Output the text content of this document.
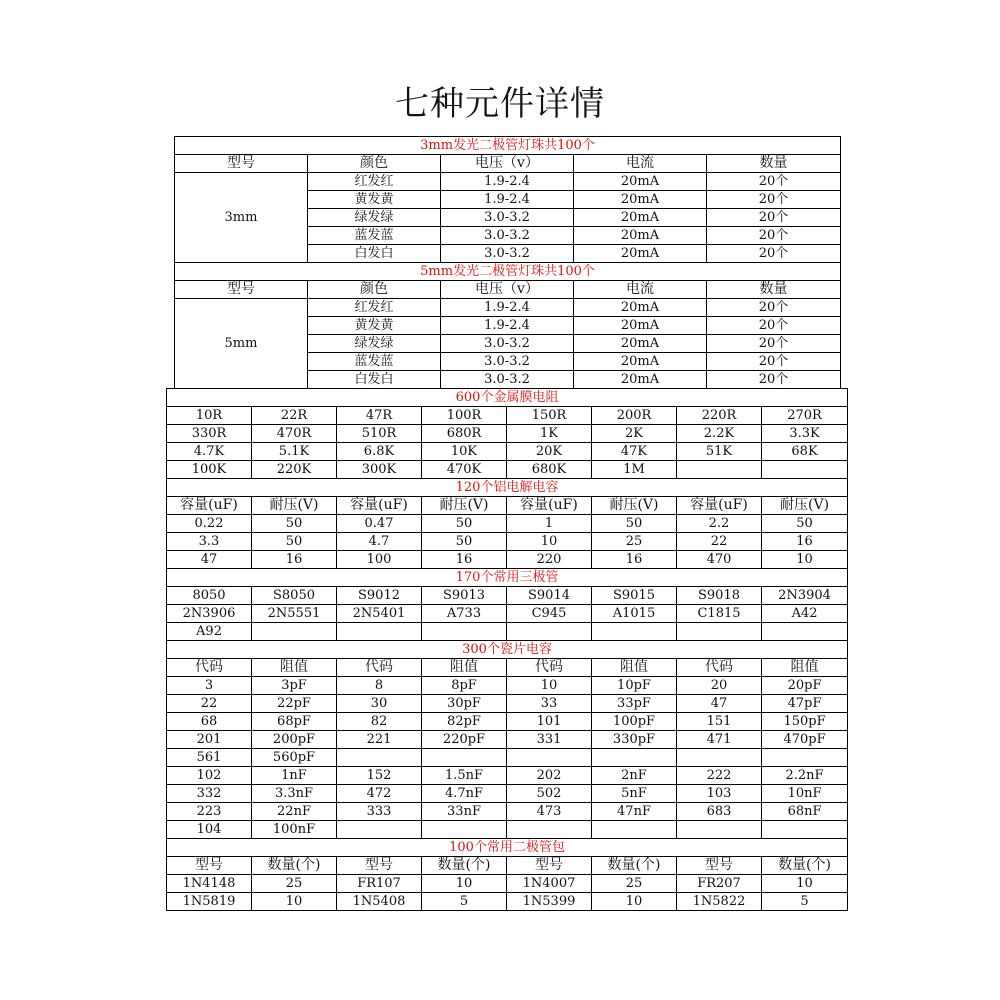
七种元件详情
3mm发光二极管灯珠共100个				
型号	颜色	电压（v）	电流	数量
3mm	红发红	1.9-2.4	20mA	20个
	黄发黄	1.9-2.4	20mA	20个
	绿发绿	3.0-3.2	20mA	20个
	蓝发蓝	3.0-3.2	20mA	20个
	白发白	3.0-3.2	20mA	20个
5mm发光二极管灯珠共100个				
型号	颜色	电压（v）	电流	数量
5mm	红发红	1.9-2.4	20mA	20个
	黄发黄	1.9-2.4	20mA	20个
	绿发绿	3.0-3.2	20mA	20个
	蓝发蓝	3.0-3.2	20mA	20个
	白发白	3.0-3.2	20mA	20个
600个金属膜电阻							
10R	22R	47R	100R	150R	200R	220R	270R
330R	470R	510R	680R	1K	2K	2.2K	3.3K
4.7K	5.1K	6.8K	10K	20K	47K	51K	68K
100K	220K	300K	470K	680K	1M		
120个铝电解电容							
容量(uF)	耐压(V)	容量(uF)	耐压(V)	容量(uF)	耐压(V)	容量(uF)	耐压(V)
0.22	50	0.47	50	1	50	2.2	50
3.3	50	4.7	50	10	25	22	16
47	16	100	16	220	16	470	10
170个常用三极管							
8050	S8050	S9012	S9013	S9014	S9015	S9018	2N3904
2N3906	2N5551	2N5401	A733	C945	A1015	C1815	A42
A92							
300个瓷片电容							
代码	阻值	代码	阻值	代码	阻值	代码	阻值
3	3pF	8	8pF	10	10pF	20	20pF
22	22pF	30	30pF	33	33pF	47	47pF
68	68pF	82	82pF	101	100pF	151	150pF
201	200pF	221	220pF	331	330pF	471	470pF
561	560pF						
102	1nF	152	1.5nF	202	2nF	222	2.2nF
332	3.3nF	472	4.7nF	502	5nF	103	10nF
223	22nF	333	33nF	473	47nF	683	68nF
104	100nF						
100个常用二极管包							
型号	数量(个)	型号	数量(个)	型号	数量(个)	型号	数量(个)
1N4148	25	FR107	10	1N4007	25	FR207	10
1N5819	10	1N5408	5	1N5399	10	1N5822	5
